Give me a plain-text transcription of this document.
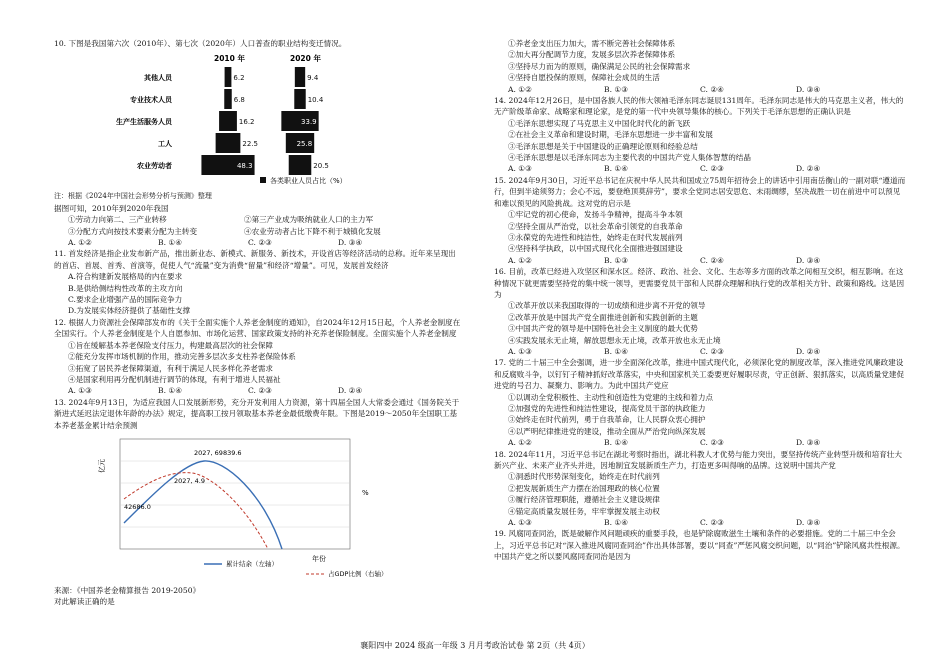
10. 下图是我国第六次（2010年）、第七次（2020年）人口普查的职业结构变迁情况。

2010 年	2020 年
其他人员
专业技术人员
生产生活服务人员
工人
农业劳动者
6.2
6.8
16.2
22.5
48.3
9.4
10.4
33.9
25.8
20.5
各类职业人员占比（%）

注：根据《2024年中国社会形势分析与预测》整理

据图可知，2010年到2020年我国

①劳动力向第二、三产业转移	②第三产业成为吸纳就业人口的主力军
③分配方式向按技术要素分配为主转变	④农业劳动者占比下降不利于城镇化发展
A. ①②	B. ①④	C. ②③	D. ③④

11. 首发经济是指企业发布新产品，推出新业态、新模式、新服务、新技术，开设首店等经济活动的总称。近年来呈现出的首店、首展、首秀、首演等，促使人气“流量”变为消费“留量”和经济“增量”。可见，发展首发经济

A.符合构建新发展格局的内在要求

B.是供给侧结构性改革的主攻方向

C.要求企业增强产品的国际竞争力

D.为发展实体经济提供了基础性支撑

12. 根据人力资源社会保障部发布的《关于全面实施个人养老金制度的通知》，自2024年12月15日起，个人养老金制度在全国实行。个人养老金制度是个人自愿参加、市场化运营、国家政策支持的补充养老保险制度。全面实施个人养老金制度

①旨在缓解基本养老保险支付压力，构建最高层次的社会保障

②能充分发挥市场机制的作用，推动完善多层次多支柱养老保险体系

③拓宽了居民养老保障渠道，有利于满足人民多样化养老需求

④是国家利用再分配机制进行调节的体现，有利于增进人民福祉

A. ①③	B. ①④	C. ②③	D. ②④

13. 2024年9月13日，为适应我国人口发展新形势，充分开发利用人力资源，第十四届全国人大常委会通过《国务院关于渐进式延迟法定退休年龄的办法》规定，提高职工按月领取基本养老金最低缴费年限。下图是2019～2050年全国职工基本养老基金累计结余预测

亿元
%
2027, 69839.6
2027, 4.9
42686.0
年份
累计结余（左轴）
占GDP比例（右轴）

来源：《中国养老金精算报告 2019-2050》

对此解读正确的是

①养老金支出压力加大，需不断完善社会保障体系

②加大再分配调节力度，发展多层次养老保障体系

③坚持尽力而为的原则，确保满足公民的社会保障需求

④坚持自愿投保的原则，保障社会成员的生活

A. ①②	B. ①③	C. ②④	D. ③④

14. 2024年12月26日，是中国各族人民的伟大领袖毛泽东同志诞辰131周年。毛泽东同志是伟大的马克思主义者，伟大的无产阶级革命家、战略家和理论家，是党的第一代中央领导集体的核心。下列关于毛泽东思想的正确认识是

①毛泽东思想实现了马克思主义中国化时代化的新飞跃

②在社会主义革命和建设时期，毛泽东思想进一步丰富和发展

③毛泽东思想是关于中国建设的正确理论原则和经验总结

④毛泽东思想是以毛泽东同志为主要代表的中国共产党人集体智慧的结晶

A. ①③	B. ①④	C. ②③	D. ②④

15. 2024年9月30日，习近平总书记在庆祝中华人民共和国成立75周年招待会上的讲话中引用南岳衡山的一副对联“遵道而行，但到半途须努力；会心不远，要登绝顶莫辞劳”，要求全党同志居安思危、未雨绸缪，坚决战胜一切在前进中可以预见和难以预见的风险挑战。这对党的启示是

①牢记党的初心使命，发扬斗争精神，提高斗争本领

②坚持全面从严治党，以社会革命引领党的自我革命

③永葆党的先进性和纯洁性，始终走在时代发展前列

④坚持科学执政，以中国式现代化全面推进强国建设

A. ①②	B. ①③	C. ②④	D. ③④

16. 目前，改革已经进入攻坚区和深水区。经济、政治、社会、文化、生态等多方面的改革之间相互交织，相互影响。在这种情况下就更需要坚持党的集中统一领导，更需要党员干部和人民群众理解和执行党的改革相关方针、政策和路线。这是因为

①改革开放以来我国取得的一切成绩和进步离不开党的领导

②改革开放是中国共产党全面推进创新和实践创新的主题

③中国共产党的领导是中国特色社会主义制度的最大优势

④实践发展永无止境，解放思想永无止境，改革开放也永无止境

A. ①③	B. ①④	C. ②③	D. ②④

17. 党的二十届三中全会强调，进一步全面深化改革，推进中国式现代化，必须深化党的制度改革，深入推进党风廉政建设和反腐败斗争，以钉钉子精神抓好改革落实，中央和国家机关工委要更好履职尽责，守正创新、狠抓落实，以高质量党建促进党的号召力、凝聚力、影响力。为此中国共产党应

①以调动全党积极性、主动性和创造性为党建的主线和着力点

②加强党的先进性和纯洁性建设，提高党员干部的执政能力

③始终走在时代前列，勇于自我革命，让人民群众衷心拥护

④以严明纪律推进党的建设，推动全面从严治党向纵深发展

A. ①②	B. ①④	C. ②③	D. ③④

18. 2024年11月，习近平总书记在湖北考察时指出，湖北科教人才优势与能力突出，要坚持传统产业转型升级和培育壮大新兴产业、未来产业齐头并进，因地制宜发展新质生产力，打造更多叫得响的品牌。这说明中国共产党

①洞悉时代形势深刻变化，始终走在时代前列

②把发展新质生产力摆在治国理政的核心位置

③履行经济管理职能，遵循社会主义建设规律

④锚定高质量发展任务，牢牢掌握发展主动权

A. ①③	B. ①④	C. ②③	D. ③④

19. 风腐同查同治，既是破解作风问题顽疾的重要手段，也是铲除腐败滋生土壤和条件的必要措施。党的二十届三中全会上，习近平总书记对“深入推进风腐同查同治”作出具体部署，要以“同查”严惩风腐交织问题，以“同治”铲除风腐共性根源。中国共产党之所以要风腐同查同治是因为

襄阳四中 2024 级高一年级 3 月月考政治试卷 第 2页（共 4页）
